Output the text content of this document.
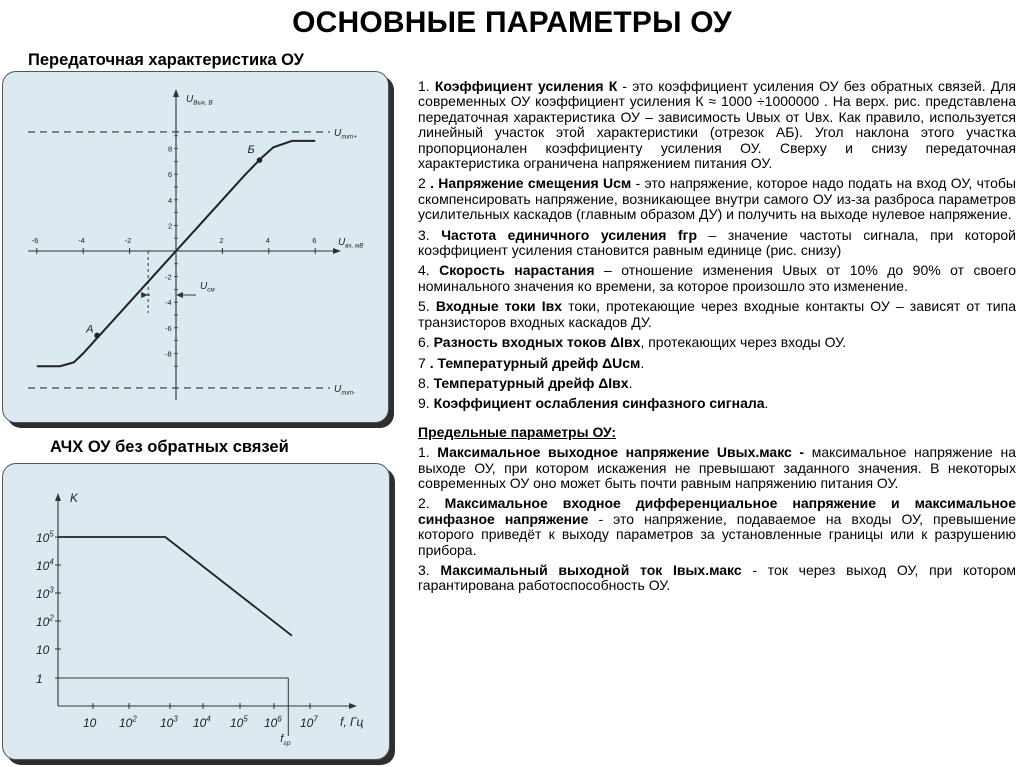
ОСНОВНЫЕ ПАРАМЕТРЫ ОУ
Передаточная характеристика ОУ
АЧХ ОУ без обратных связей
-6	-4	-2	2	4	6
8
6
4
2
-2
-4
-6
-8
$U_{пит+}$
$U_{пит-}$
$U_{см}$
$U_{Вых, В}$
$U_{вх, мВ}$
А
Б
1
10
$10^2$
$10^3$
$10^4$
$10^5$
10 $10^2$ $10^3$ $10^4$ $10^5$ $10^6$ $10^7$
K
f, Гц
$f_{гр}$

1. Коэффициент усиления К - это коэффициент усиления ОУ без обратных связей. Для современных ОУ коэффициент усиления К ≈ 1000 ÷1000000 . На верх. рис. представлена передаточная характеристика ОУ – зависимость Uвых от Uвх. Как правило, используется линейный участок этой характеристики (отрезок АБ). Угол наклона этого участка пропорционален коэффициенту усиления ОУ. Сверху и снизу передаточная характеристика ограничена напряжением питания ОУ.

2 . Напряжение смещения Uсм - это напряжение, которое надо подать на вход ОУ, чтобы скомпенсировать напряжение, возникающее внутри самого ОУ из-за разброса параметров усилительных каскадов (главным образом ДУ) и получить на выходе нулевое напряжение.

3. Частота единичного усиления fгр – значение частоты сигнала, при которой коэффициент усиления становится равным единице (рис. снизу)

4. Скорость нарастания – отношение изменения Uвых от 10% до 90% от своего номинального значения ко времени, за которое произошло это изменение.

5. Входные токи Iвх токи, протекающие через входные контакты ОУ – зависят от типа транзисторов входных каскадов ДУ.

6. Разность входных токов ΔIвх, протекающих через входы ОУ.

7 . Температурный дрейф ΔUсм.

8. Температурный дрейф ΔIвх.

9. Коэффициент ослабления синфазного сигнала.

Предельные параметры ОУ:

1. Максимальное выходное напряжение Uвых.макс - максимальное напряжение на выходе ОУ, при котором искажения не превышают заданного значения. В некоторых современных ОУ оно может быть почти равным напряжению питания ОУ.

2. Максимальное входное дифференциальное напряжение и максимальное синфазное напряжение - это напряжение, подаваемое на входы ОУ, превышение которого приведёт к выходу параметров за установленные границы или к разрушению прибора.

3. Максимальный выходной ток Iвых.макс - ток через выход ОУ, при котором гарантирована работоспособность ОУ.
